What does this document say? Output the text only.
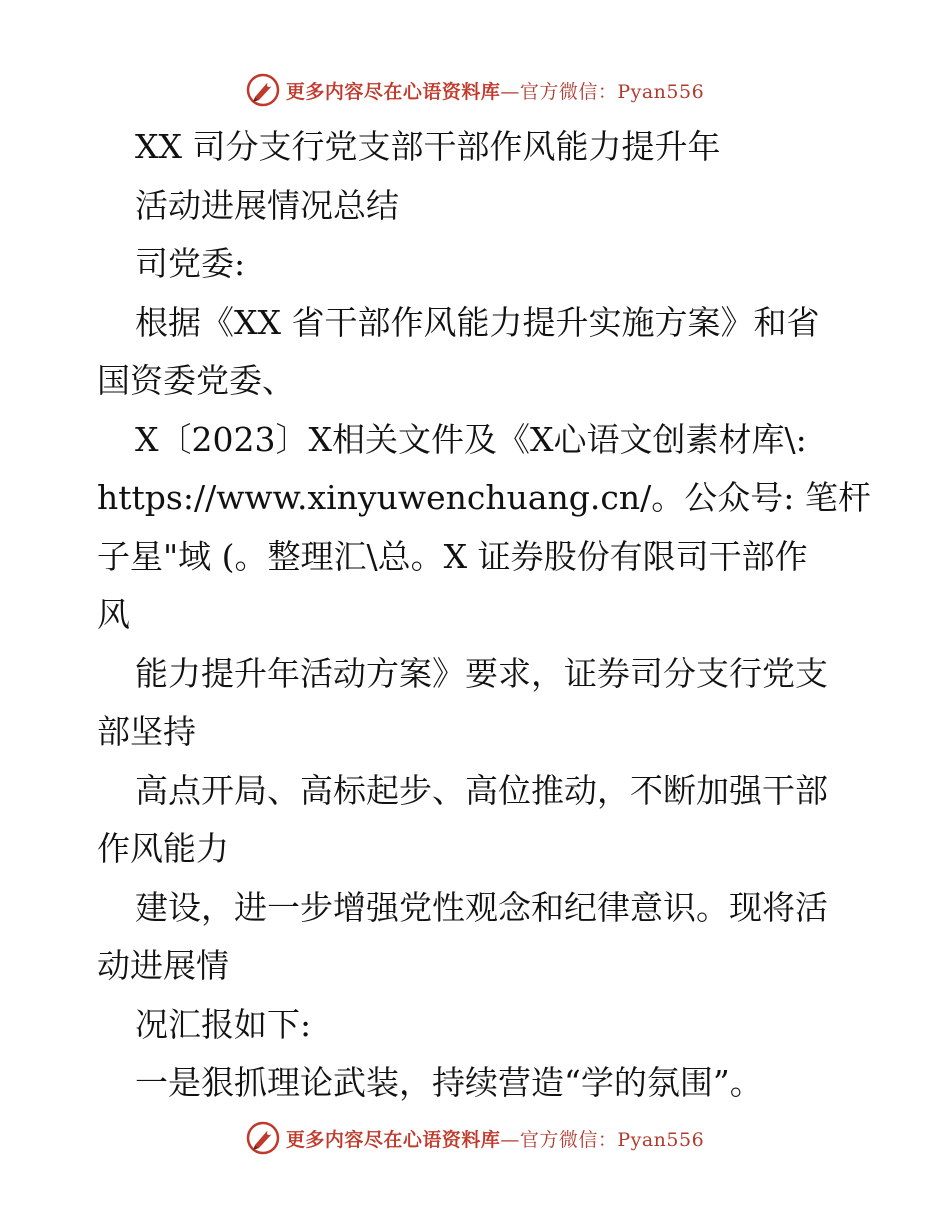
更多内容尽在心语资料库—官方微信：Pyan556
XX 司分支行党支部干部作风能力提升年
活动进展情况总结
司党委:
根据《XX 省干部作风能力提升实施方案》和省
国资委党委、
X〔2023〕X相关文件及《X心语文创素材库\:
https://www.xinyuwenchuang.cn/。公众号: 笔杆
子星"域 (。整理汇\总。X 证券股份有限司干部作
风
能力提升年活动方案》要求，证券司分支行党支
部坚持
高点开局、高标起步、高位推动，不断加强干部
作风能力
建设，进一步增强党性观念和纪律意识。现将活
动进展情
况汇报如下:
一是狠抓理论武装，持续营造“学的氛围”。
更多内容尽在心语资料库—官方微信：Pyan556
